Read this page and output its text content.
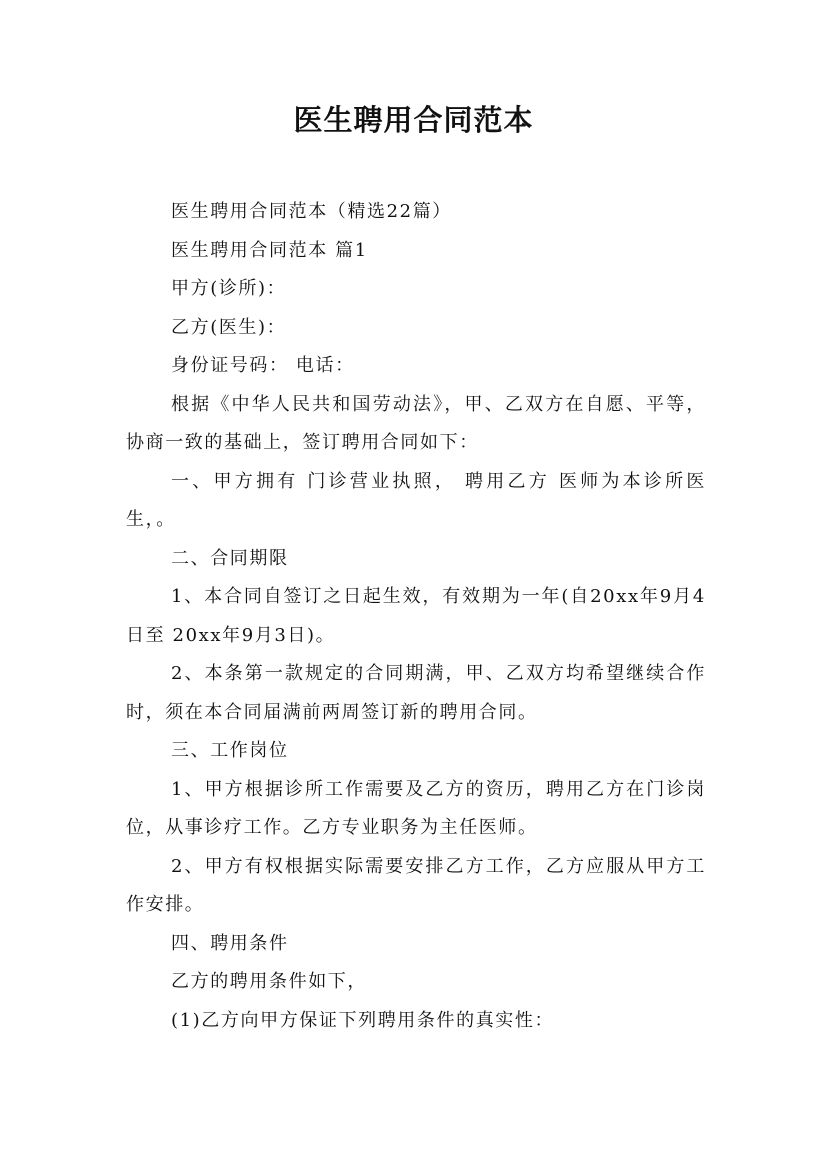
医生聘用合同范本

医生聘用合同范本（精选22篇）

医生聘用合同范本 篇1

甲方(诊所)：

乙方(医生)：

身份证号码： 电话：

根据《中华人民共和国劳动法》，甲、乙双方在自愿、平等，协商一致的基础上，签订聘用合同如下：

一、甲方拥有 门诊营业执照， 聘用乙方 医师为本诊所医生，。

二、合同期限

1、本合同自签订之日起生效，有效期为一年(自20xx年9月4日至 20xx年9月3日)。

2、本条第一款规定的合同期满，甲、乙双方均希望继续合作时，须在本合同届满前两周签订新的聘用合同。

三、工作岗位

1、甲方根据诊所工作需要及乙方的资历，聘用乙方在门诊岗位，从事诊疗工作。乙方专业职务为主任医师。

2、甲方有权根据实际需要安排乙方工作，乙方应服从甲方工作安排。

四、聘用条件

乙方的聘用条件如下，

(1)乙方向甲方保证下列聘用条件的真实性：
